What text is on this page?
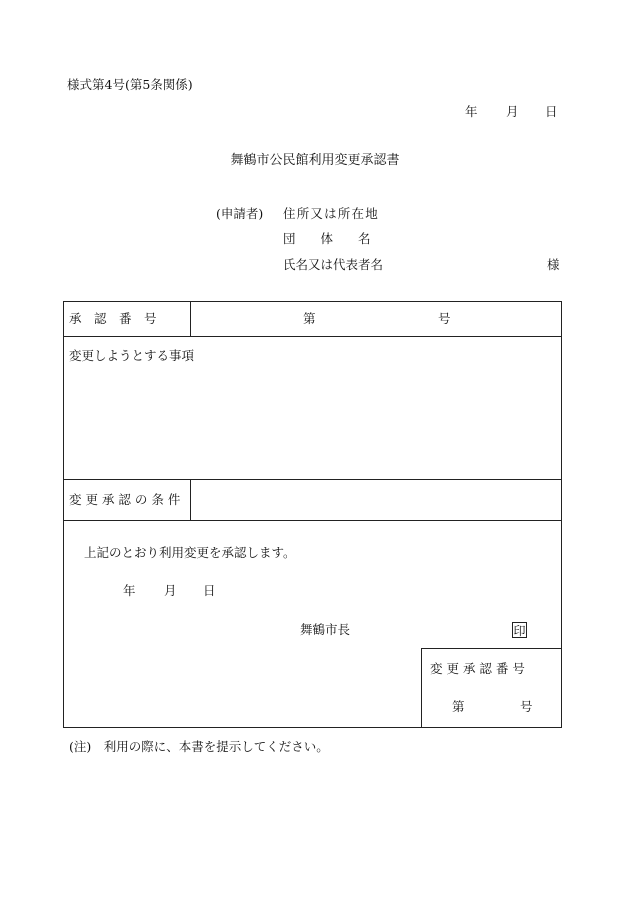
様式第4号(第5条関係)
年 月 日
舞鶴市公民館利用変更承認書
(申請者) 住所又は所在地
団　　体　　名
氏名又は代表者名	様
承　認　番　号	第	号
変更しようとする事項
変 更 承 認 の 条 件
上記のとおり利用変更を承認します。
年 月 日
舞鶴市長	印
変 更 承 認 番 号
第	号
(注)　利用の際に、本書を提示してください。
